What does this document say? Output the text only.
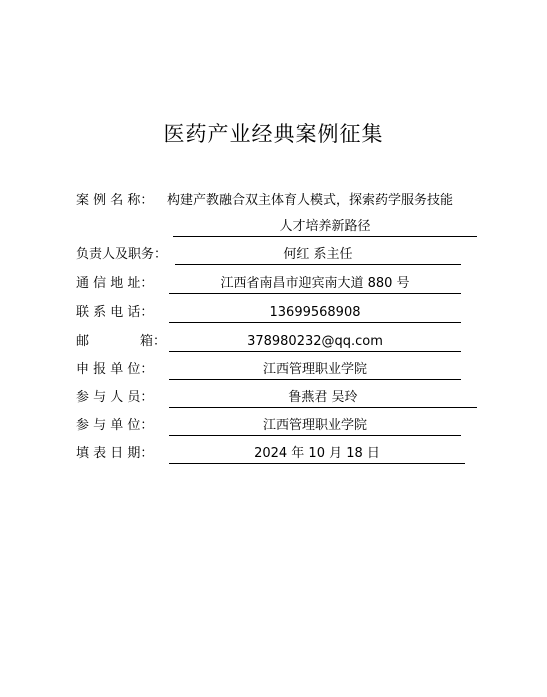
医药产业经典案例征集
案 例 名 称： 构建产教融合双主体育人模式，探索药学服务技能
人才培养新路径
负责人及职务：	何红 系主任
通 信 地 址：	江西省南昌市迎宾南大道 880 号
联 系 电 话：	13699568908
邮	箱：	378980232@qq.com
申 报 单 位：	江西管理职业学院
参 与 人 员：	鲁燕君 吴玲
参 与 单 位：	江西管理职业学院
填 表 日 期：	2024 年 10 月 18 日
